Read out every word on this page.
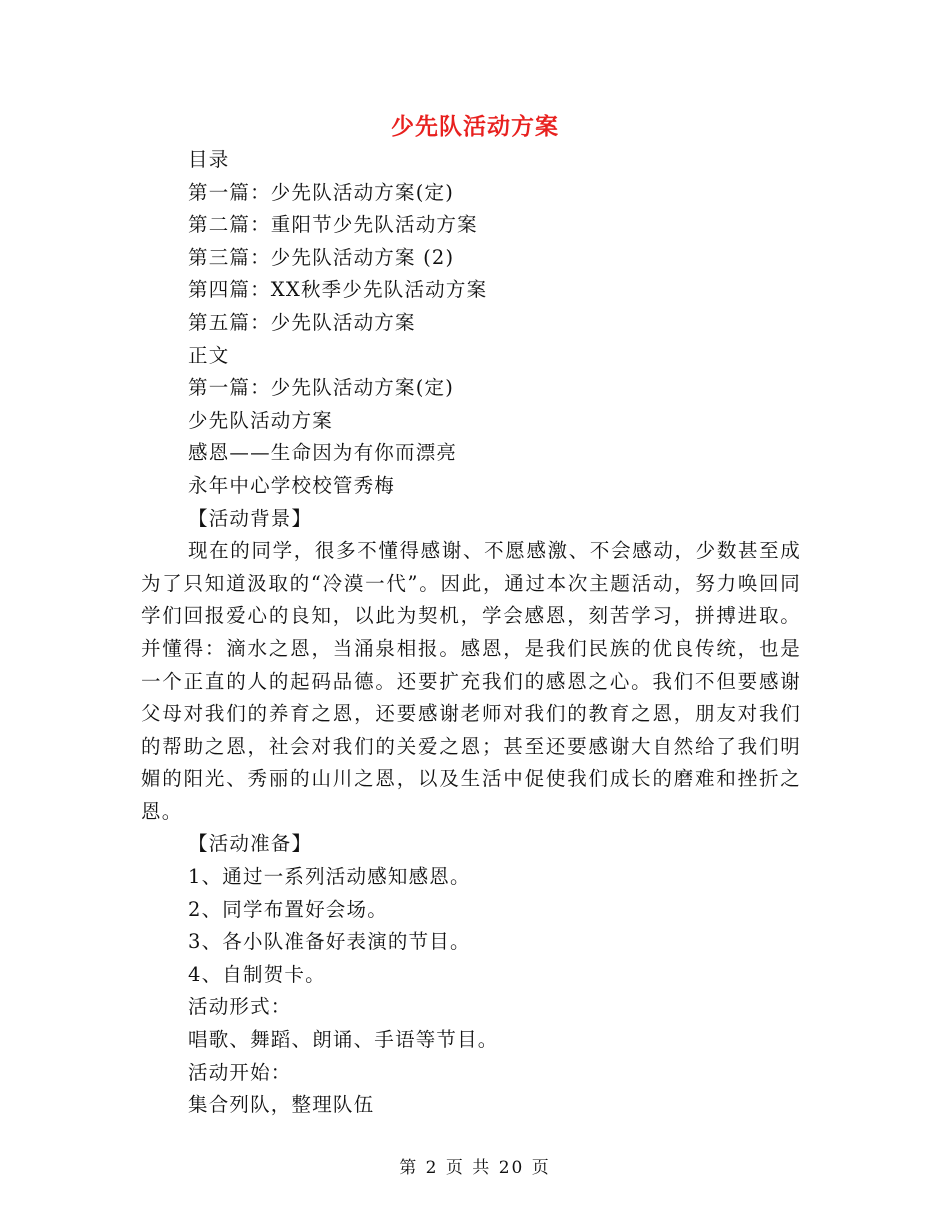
少先队活动方案
目录
第一篇：少先队活动方案(定)
第二篇：重阳节少先队活动方案
第三篇：少先队活动方案 (2)
第四篇：XX秋季少先队活动方案
第五篇：少先队活动方案
正文
第一篇：少先队活动方案(定)
少先队活动方案
感恩——生命因为有你而漂亮
永年中心学校校管秀梅
【活动背景】

现在的同学，很多不懂得感谢、不愿感激、不会感动，少数甚至成为了只知道汲取的“冷漠一代”。因此，通过本次主题活动，努力唤回同学们回报爱心的良知，以此为契机，学会感恩，刻苦学习，拼搏进取。并懂得：滴水之恩，当涌泉相报。感恩，是我们民族的优良传统，也是一个正直的人的起码品德。还要扩充我们的感恩之心。我们不但要感谢父母对我们的养育之恩，还要感谢老师对我们的教育之恩，朋友对我们的帮助之恩，社会对我们的关爱之恩；甚至还要感谢大自然给了我们明媚的阳光、秀丽的山川之恩，以及生活中促使我们成长的磨难和挫折之恩。

【活动准备】
1、通过一系列活动感知感恩。
2、同学布置好会场。
3、各小队准备好表演的节目。
4、自制贺卡。
活动形式：
唱歌、舞蹈、朗诵、手语等节目。
活动开始：
集合列队，整理队伍
第 2 页 共 20 页
